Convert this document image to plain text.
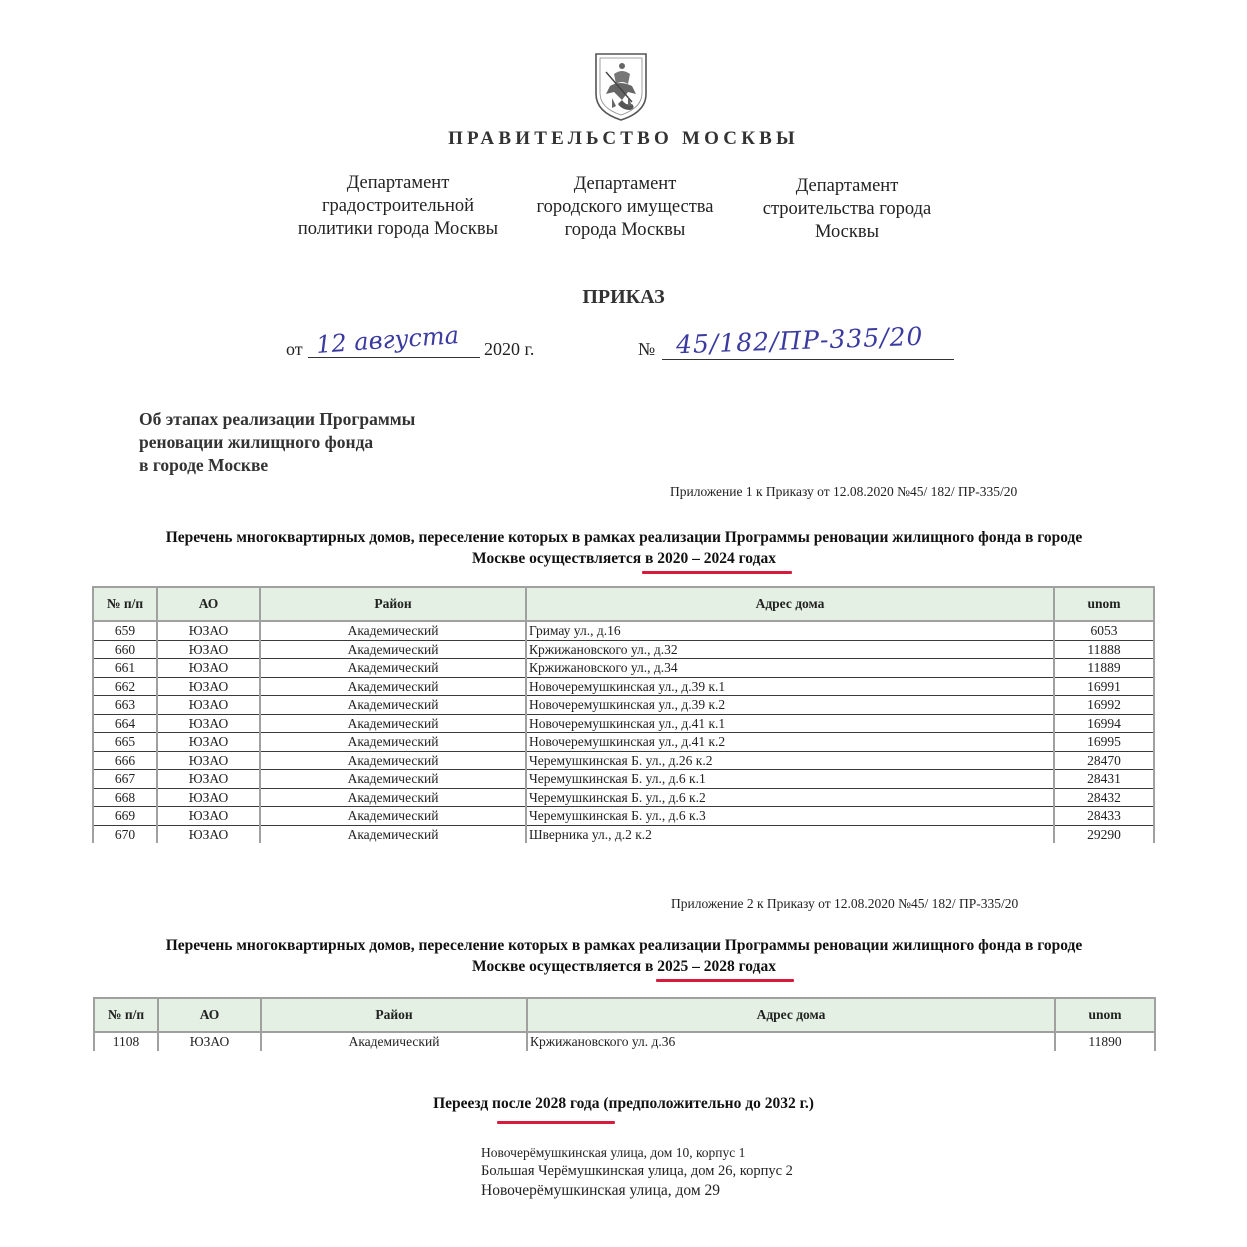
ПРАВИТЕЛЬСТВО МОСКВЫ
Департамент
градостроительной
политики города Москвы
Департамент
городского имущества
города Москвы
Департамент
строительства города
Москвы
ПРИКАЗ
от 12 августа 2020 г.	№ 45/182/ПР-335/20
Об этапах реализации Программы
реновации жилищного фонда
в городе Москве
Приложение 1 к Приказу от 12.08.2020 №45/ 182/ ПР-335/20
Перечень многоквартирных домов, переселение которых в рамках реализации Программы реновации жилищного фонда в городе
Москве осуществляется в 2020 – 2024 годах
№ п/п	АО	Район	Адрес дома	unom
659	ЮЗАО	Академический	Гримау ул., д.16	6053
660	ЮЗАО	Академический	Кржижановского ул., д.32	11888
661	ЮЗАО	Академический	Кржижановского ул., д.34	11889
662	ЮЗАО	Академический	Новочеремушкинская ул., д.39 к.1	16991
663	ЮЗАО	Академический	Новочеремушкинская ул., д.39 к.2	16992
664	ЮЗАО	Академический	Новочеремушкинская ул., д.41 к.1	16994
665	ЮЗАО	Академический	Новочеремушкинская ул., д.41 к.2	16995
666	ЮЗАО	Академический	Черемушкинская Б. ул., д.26 к.2	28470
667	ЮЗАО	Академический	Черемушкинская Б. ул., д.6 к.1	28431
668	ЮЗАО	Академический	Черемушкинская Б. ул., д.6 к.2	28432
669	ЮЗАО	Академический	Черемушкинская Б. ул., д.6 к.3	28433
670	ЮЗАО	Академический	Шверника ул., д.2 к.2	29290
Приложение 2 к Приказу от 12.08.2020 №45/ 182/ ПР-335/20
Перечень многоквартирных домов, переселение которых в рамках реализации Программы реновации жилищного фонда в городе
Москве осуществляется в 2025 – 2028 годах
№ п/п	АО	Район	Адрес дома	unom
1108	ЮЗАО	Академический	Кржижановского ул. д.36	11890
Переезд после 2028 года (предположительно до 2032 г.)
Новочерёмушкинская улица, дом 10, корпус 1
Большая Черёмушкинская улица, дом 26, корпус 2
Новочерёмушкинская улица, дом 29
